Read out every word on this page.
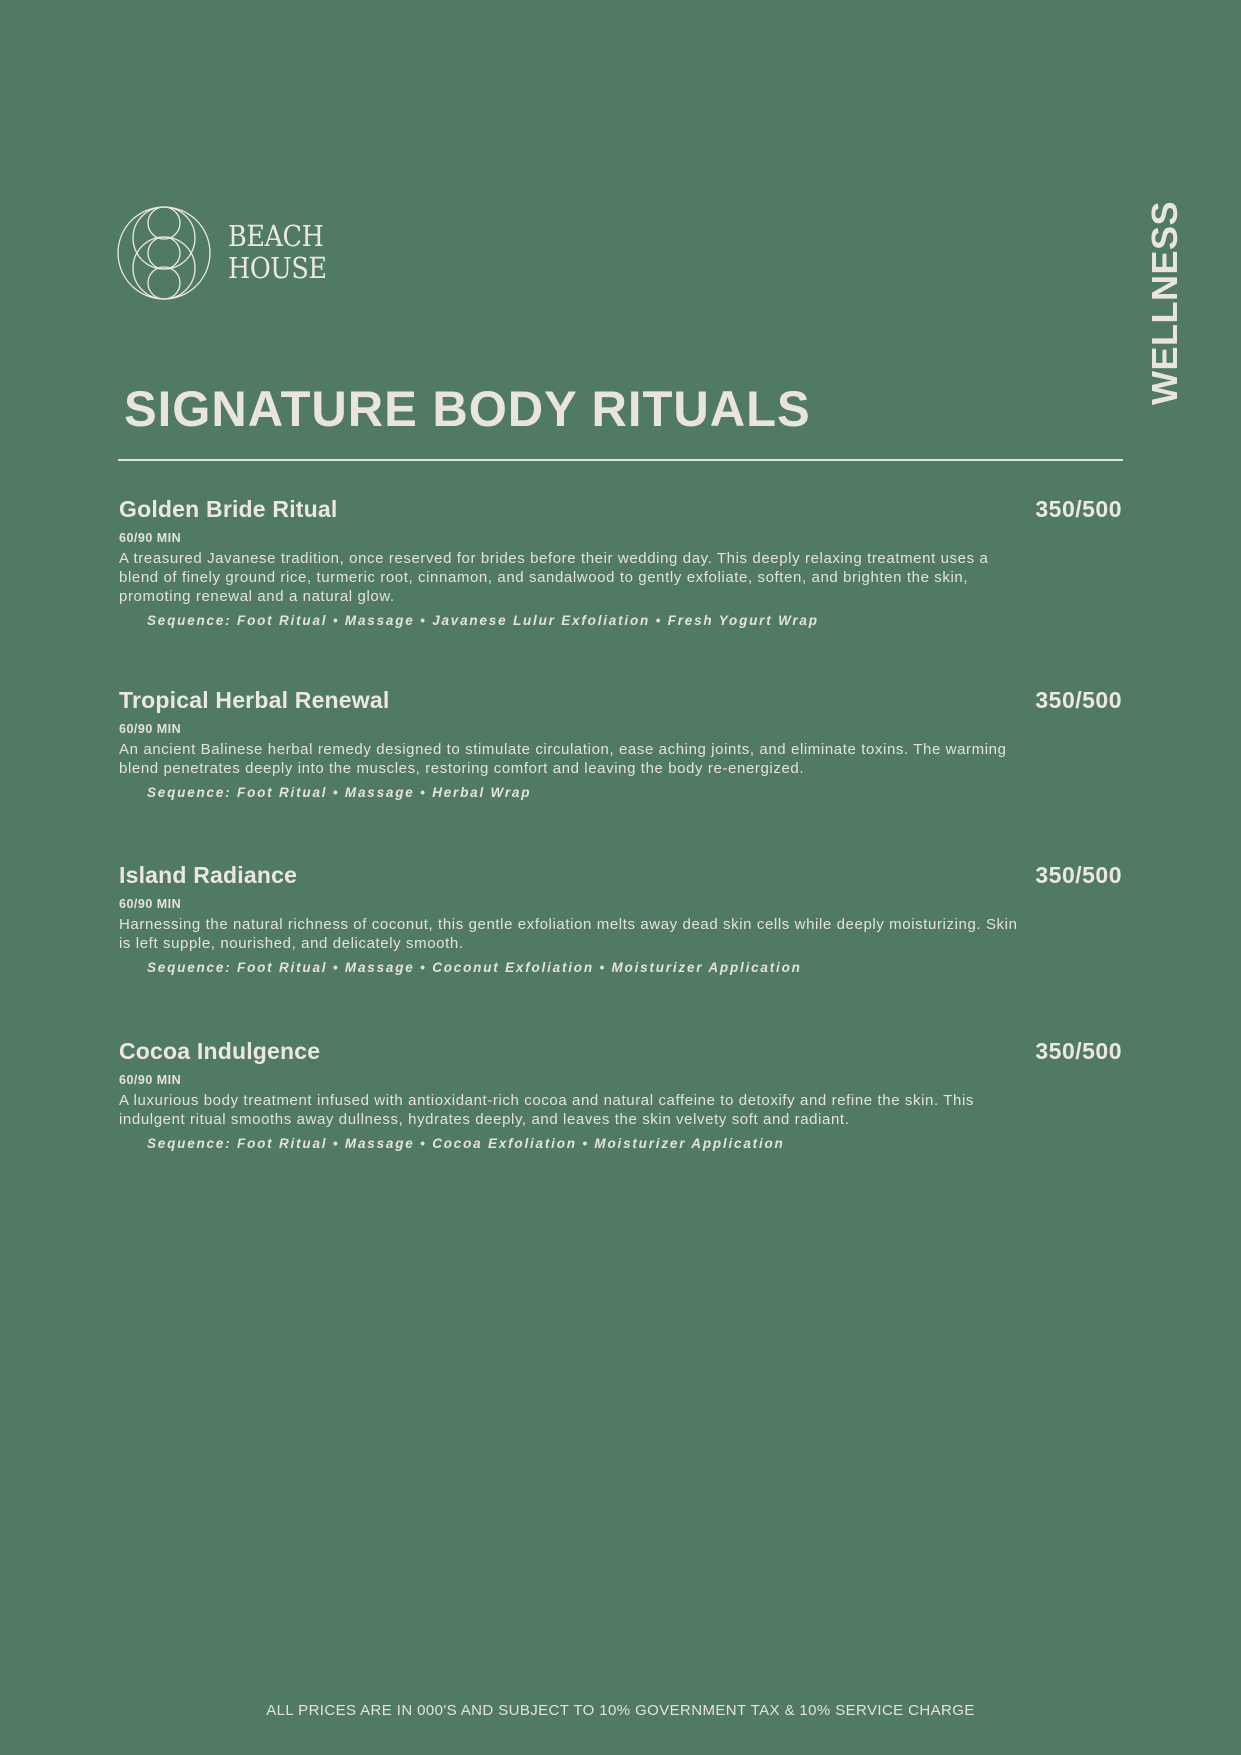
BEACH
HOUSE	WELLNESS
SIGNATURE BODY RITUALS
Golden Bride Ritual	350/500
60/90 MIN
A treasured Javanese tradition, once reserved for brides before their wedding day. This deeply relaxing treatment uses a blend of finely ground rice, turmeric root, cinnamon, and sandalwood to gently exfoliate, soften, and brighten the skin, promoting renewal and a natural glow.
Sequence: Foot Ritual • Massage • Javanese Lulur Exfoliation • Fresh Yogurt Wrap
Tropical Herbal Renewal	350/500
60/90 MIN
An ancient Balinese herbal remedy designed to stimulate circulation, ease aching joints, and eliminate toxins. The warming blend penetrates deeply into the muscles, restoring comfort and leaving the body re-energized.
Sequence: Foot Ritual • Massage • Herbal Wrap
Island Radiance	350/500
60/90 MIN
Harnessing the natural richness of coconut, this gentle exfoliation melts away dead skin cells while deeply moisturizing. Skin is left supple, nourished, and delicately smooth.
Sequence: Foot Ritual • Massage • Coconut Exfoliation • Moisturizer Application
Cocoa Indulgence	350/500
60/90 MIN
A luxurious body treatment infused with antioxidant-rich cocoa and natural caffeine to detoxify and refine the skin. This indulgent ritual smooths away dullness, hydrates deeply, and leaves the skin velvety soft and radiant.
Sequence: Foot Ritual • Massage • Cocoa Exfoliation • Moisturizer Application
ALL PRICES ARE IN 000'S AND SUBJECT TO 10% GOVERNMENT TAX & 10% SERVICE CHARGE
